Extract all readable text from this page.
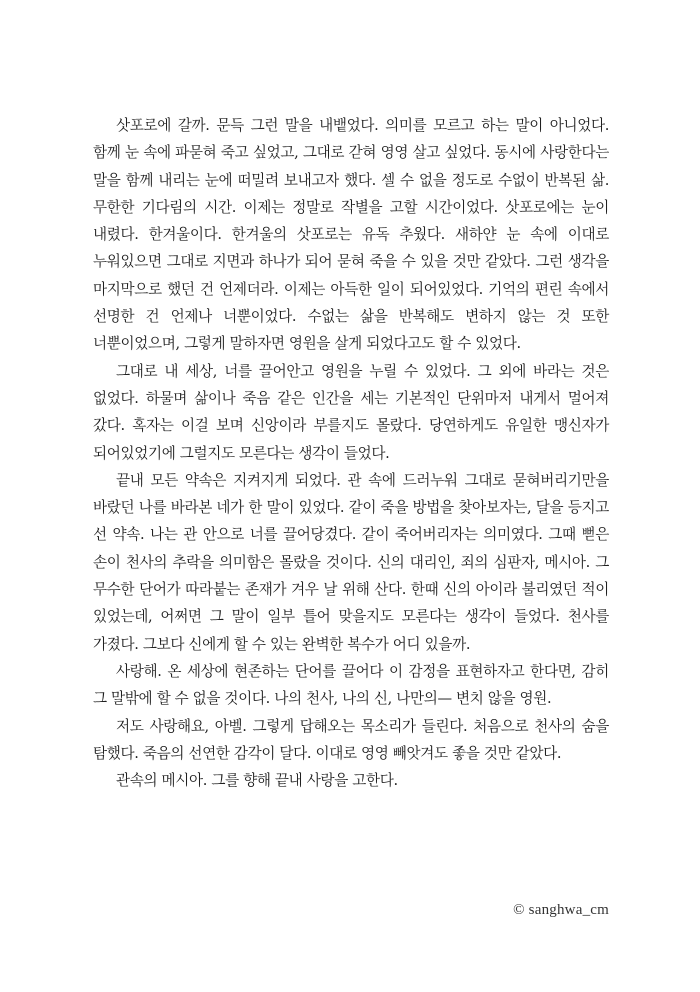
삿포로에 갈까. 문득 그런 말을 내뱉었다. 의미를 모르고 하는 말이 아니었다. 함께 눈 속에 파묻혀 죽고 싶었고, 그대로 갇혀 영영 살고 싶었다. 동시에 사랑한다는 말을 함께 내리는 눈에 떠밀려 보내고자 했다. 셀 수 없을 정도로 수없이 반복된 삶. 무한한 기다림의 시간. 이제는 정말로 작별을 고할 시간이었다. 삿포로에는 눈이 내렸다. 한겨울이다. 한겨울의 삿포로는 유독 추웠다. 새하얀 눈 속에 이대로 누워있으면 그대로 지면과 하나가 되어 묻혀 죽을 수 있을 것만 같았다. 그런 생각을 마지막으로 했던 건 언제더라. 이제는 아득한 일이 되어있었다. 기억의 편린 속에서 선명한 건 언제나 너뿐이었다. 수없는 삶을 반복해도 변하지 않는 것 또한 너뿐이었으며, 그렇게 말하자면 영원을 살게 되었다고도 할 수 있었다.

그대로 내 세상, 너를 끌어안고 영원을 누릴 수 있었다. 그 외에 바라는 것은 없었다. 하물며 삶이나 죽음 같은 인간을 세는 기본적인 단위마저 내게서 멀어져 갔다. 혹자는 이걸 보며 신앙이라 부를지도 몰랐다. 당연하게도 유일한 맹신자가 되어있었기에 그럴지도 모른다는 생각이 들었다.

끝내 모든 약속은 지켜지게 되었다. 관 속에 드러누워 그대로 묻혀버리기만을 바랐던 나를 바라본 네가 한 말이 있었다. 같이 죽을 방법을 찾아보자는, 달을 등지고 선 약속. 나는 관 안으로 너를 끌어당겼다. 같이 죽어버리자는 의미였다. 그때 뻗은 손이 천사의 추락을 의미함은 몰랐을 것이다. 신의 대리인, 죄의 심판자, 메시아. 그 무수한 단어가 따라붙는 존재가 겨우 날 위해 산다. 한때 신의 아이라 불리였던 적이 있었는데, 어쩌면 그 말이 일부 틀어 맞을지도 모른다는 생각이 들었다. 천사를 가졌다. 그보다 신에게 할 수 있는 완벽한 복수가 어디 있을까.

사랑해. 온 세상에 현존하는 단어를 끌어다 이 감정을 표현하자고 한다면, 감히 그 말밖에 할 수 없을 것이다. 나의 천사, 나의 신, 나만의— 변치 않을 영원.

저도 사랑해요, 아벨. 그렇게 답해오는 목소리가 들린다. 처음으로 천사의 숨을 탐했다. 죽음의 선연한 감각이 달다. 이대로 영영 빼앗겨도 좋을 것만 같았다.

관속의 메시아. 그를 향해 끝내 사랑을 고한다.

© sanghwa_cm
